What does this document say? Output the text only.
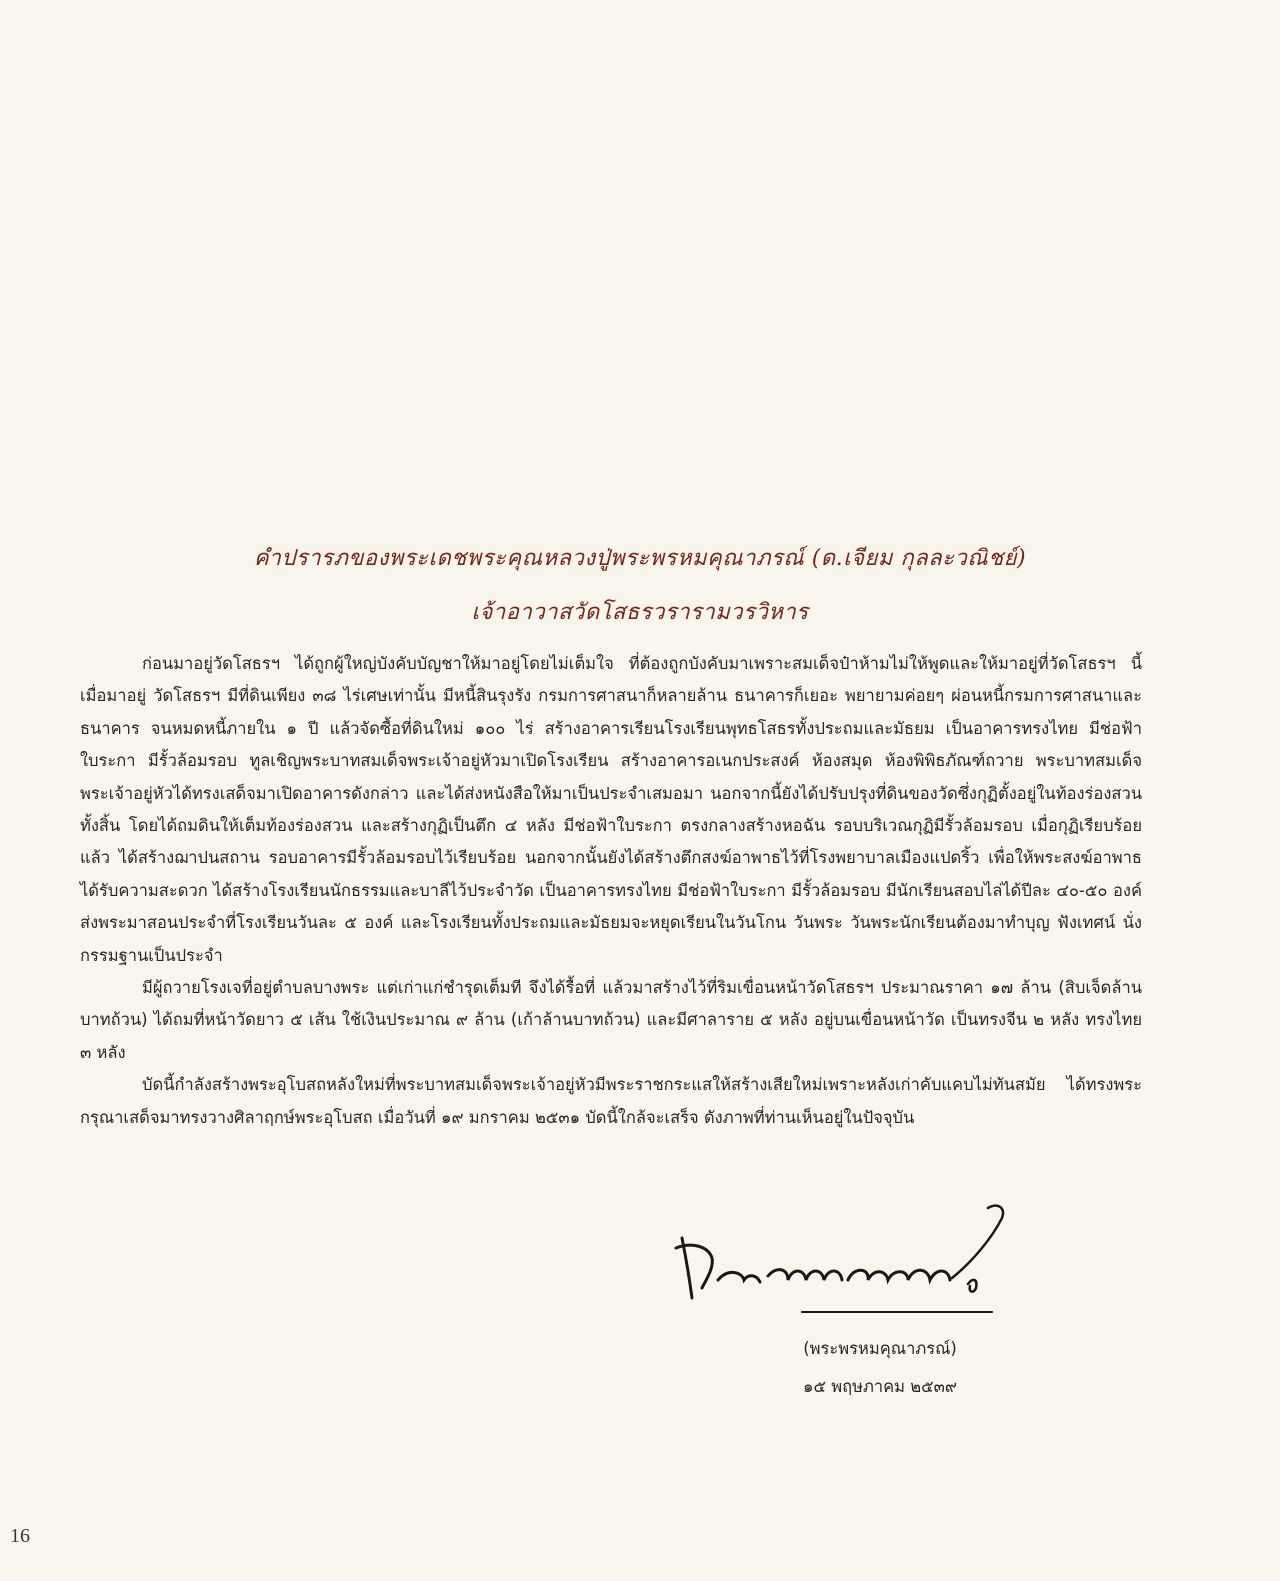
คำปรารภของพระเดชพระคุณหลวงปู่พระพรหมคุณาภรณ์ (ด.เจียม กุลละวณิชย์)
เจ้าอาวาสวัดโสธรวรารามวรวิหาร

ก่อนมาอยู่วัดโสธรฯ ได้ถูกผู้ใหญ่บังคับบัญชาให้มาอยู่โดยไม่เต็มใจ ที่ต้องถูกบังคับมาเพราะสมเด็จป๋าห้ามไม่ให้พูดและให้มาอยู่ที่วัดโสธรฯ นี้ เมื่อมาอยู่ วัดโสธรฯ มีที่ดินเพียง ๓๘ ไร่เศษเท่านั้น มีหนี้สินรุงรัง กรมการศาสนาก็หลายล้าน ธนาคารก็เยอะ พยายามค่อยๆ ผ่อนหนี้กรมการศาสนาและธนาคาร จนหมดหนี้ภายใน ๑ ปี แล้วจัดซื้อที่ดินใหม่ ๑๐๐ ไร่ สร้างอาคารเรียนโรงเรียนพุทธโสธรทั้งประถมและมัธยม เป็นอาคารทรงไทย มีช่อฟ้าใบระกา มีรั้วล้อมรอบ ทูลเชิญพระบาทสมเด็จพระเจ้าอยู่หัวมาเปิดโรงเรียน สร้างอาคารอเนกประสงค์ ห้องสมุด ห้องพิพิธภัณฑ์ถวาย พระบาทสมเด็จพระเจ้าอยู่หัวได้ทรงเสด็จมาเปิดอาคารดังกล่าว และได้ส่งหนังสือให้มาเป็นประจำเสมอมา นอกจากนี้ยังได้ปรับปรุงที่ดินของวัดซึ่งกุฏิตั้งอยู่ในท้องร่องสวนทั้งสิ้น โดยได้ถมดินให้เต็มท้องร่องสวน และสร้างกุฏิเป็นตึก ๔ หลัง มีช่อฟ้าใบระกา ตรงกลางสร้างหอฉัน รอบบริเวณกุฏิมีรั้วล้อมรอบ เมื่อกุฏิเรียบร้อยแล้ว ได้สร้างฌาปนสถาน รอบอาคารมีรั้วล้อมรอบไว้เรียบร้อย นอกจากนั้นยังได้สร้างตึกสงฆ์อาพาธไว้ที่โรงพยาบาลเมืองแปดริ้ว เพื่อให้พระสงฆ์อาพาธได้รับความสะดวก ได้สร้างโรงเรียนนักธรรมและบาลีไว้ประจำวัด เป็นอาคารทรงไทย มีช่อฟ้าใบระกา มีรั้วล้อมรอบ มีนักเรียนสอบไล่ได้ปีละ ๔๐-๕๐ องค์ ส่งพระมาสอนประจำที่โรงเรียนวันละ ๕ องค์ และโรงเรียนทั้งประถมและมัธยมจะหยุดเรียนในวันโกน วันพระ วันพระนักเรียนต้องมาทำบุญ ฟังเทศน์ นั่งกรรมฐานเป็นประจำ

มีผู้ถวายโรงเจที่อยู่ตำบลบางพระ แต่เก่าแก่ชำรุดเต็มที จึงได้รื้อที่ แล้วมาสร้างไว้ที่ริมเขื่อนหน้าวัดโสธรฯ ประมาณราคา ๑๗ ล้าน (สิบเจ็ดล้านบาทถ้วน) ได้ถมที่หน้าวัดยาว ๕ เส้น ใช้เงินประมาณ ๙ ล้าน (เก้าล้านบาทถ้วน) และมีศาลาราย ๕ หลัง อยู่บนเขื่อนหน้าวัด เป็นทรงจีน ๒ หลัง ทรงไทย ๓ หลัง

บัดนี้กำลังสร้างพระอุโบสถหลังใหม่ที่พระบาทสมเด็จพระเจ้าอยู่หัวมีพระราชกระแสให้สร้างเสียใหม่เพราะหลังเก่าคับแคบไม่ทันสมัย ได้ทรงพระกรุณาเสด็จมาทรงวางศิลาฤกษ์พระอุโบสถ เมื่อวันที่ ๑๙ มกราคม ๒๕๓๑ บัดนี้ใกล้จะเสร็จ ดังภาพที่ท่านเห็นอยู่ในปัจจุบัน

(พระพรหมคุณาภรณ์)
๑๕ พฤษภาคม ๒๕๓๙
16
